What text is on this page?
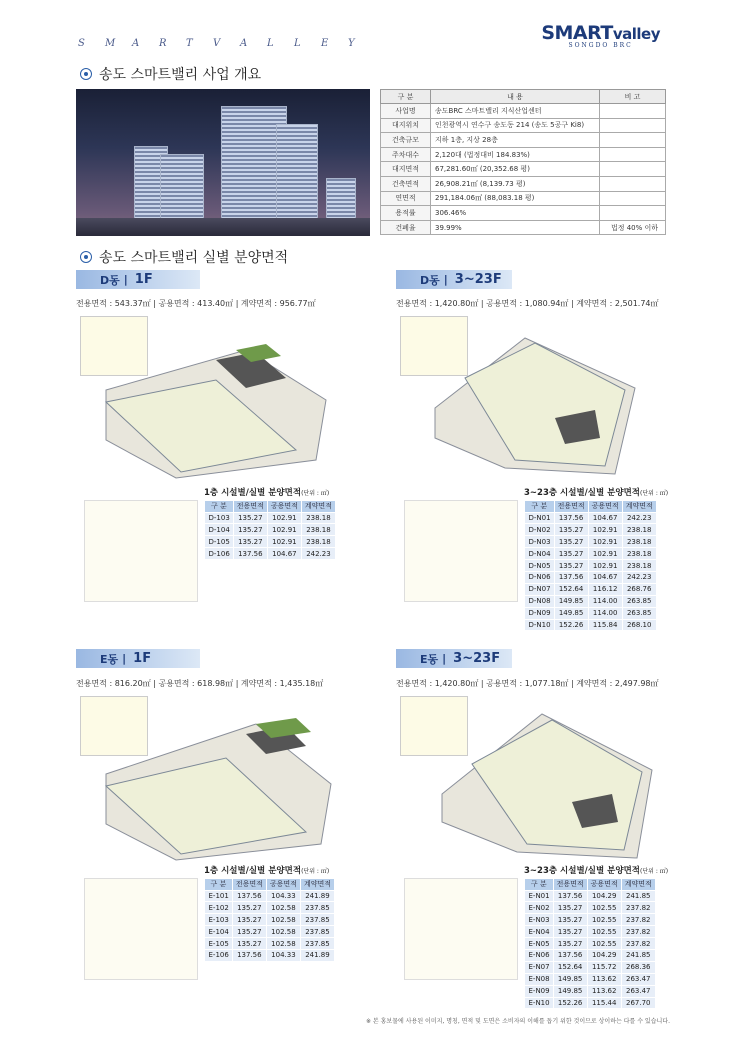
S M A R T V A L L E Y	SMARTvalley
SONGDO BRC
송도 스마트밸리 사업 개요
구 분	내 용	비 고
사업명	송도BRC 스마트밸리 지식산업센터	
대지위치	인천광역시 연수구 송도동 214 (송도 5공구 Ki8)	
건축규모	지하 1층, 지상 28층	
주차대수	2,120대 (법정대비 184.83%)	
대지면적	67,281.60㎡ (20,352.68 평)	
건축면적	26,908.21㎡ (8,139.73 평)	
연면적	291,184.06㎡ (88,083.18 평)	
용적률	306.46%	
건폐율	39.99%	법정 40% 이하
송도 스마트밸리 실별 분양면적
D동 | 1F
전용면적 : 543.37㎡ | 공용면적 : 413.40㎡ | 계약면적 : 956.77㎡
D동 | 3~23F
전용면적 : 1,420.80㎡ | 공용면적 : 1,080.94㎡ | 계약면적 : 2,501.74㎡
E동 | 1F
전용면적 : 816.20㎡ | 공용면적 : 618.98㎡ | 계약면적 : 1,435.18㎡
E동 | 3~23F
전용면적 : 1,420.80㎡ | 공용면적 : 1,077.18㎡ | 계약면적 : 2,497.98㎡
1층 시설별/실별 분양면적(단위 : ㎡)
구 분	전용면적	공용면적	계약면적
D-103	135.27	102.91	238.18
D-104	135.27	102.91	238.18
D-105	135.27	102.91	238.18
D-106	137.56	104.67	242.23
3~23층 시설별/실별 분양면적(단위 : ㎡)
구 분	전용면적	공용면적	계약면적
D-N01	137.56	104.67	242.23
D-N02	135.27	102.91	238.18
D-N03	135.27	102.91	238.18
D-N04	135.27	102.91	238.18
D-N05	135.27	102.91	238.18
D-N06	137.56	104.67	242.23
D-N07	152.64	116.12	268.76
D-N08	149.85	114.00	263.85
D-N09	149.85	114.00	263.85
D-N10	152.26	115.84	268.10
1층 시설별/실별 분양면적(단위 : ㎡)
구 분	전용면적	공용면적	계약면적
E-101	137.56	104.33	241.89
E-102	135.27	102.58	237.85
E-103	135.27	102.58	237.85
E-104	135.27	102.58	237.85
E-105	135.27	102.58	237.85
E-106	137.56	104.33	241.89
3~23층 시설별/실별 분양면적(단위 : ㎡)
구 분	전용면적	공용면적	계약면적
E-N01	137.56	104.29	241.85
E-N02	135.27	102.55	237.82
E-N03	135.27	102.55	237.82
E-N04	135.27	102.55	237.82
E-N05	135.27	102.55	237.82
E-N06	137.56	104.29	241.85
E-N07	152.64	115.72	268.36
E-N08	149.85	113.62	263.47
E-N09	149.85	113.62	263.47
E-N10	152.26	115.44	267.70
※ 본 홍보물에 사용된 이미지, 명칭, 면적 및 도면은 소비자의 이해를 돕기 위한 것이므로 상이하는 다를 수 있습니다.
